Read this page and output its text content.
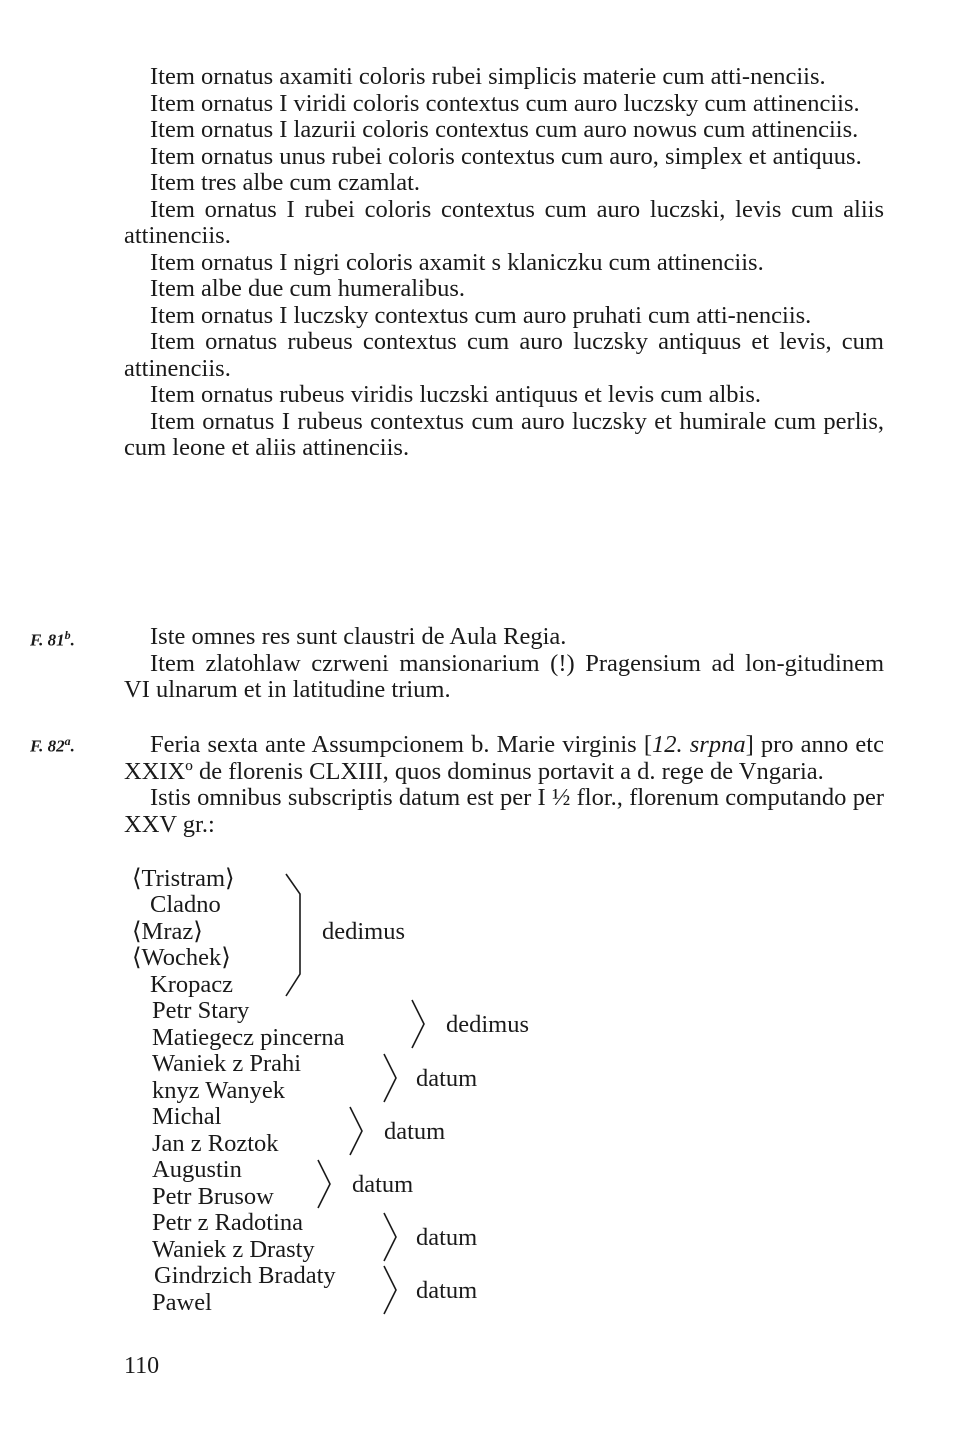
Item ornatus axamiti coloris rubei simplicis materie cum atti-nenciis.

Item ornatus I viridi coloris contextus cum auro luczsky cum attinenciis.

Item ornatus I lazurii coloris contextus cum auro nowus cum attinenciis.

Item ornatus unus rubei coloris contextus cum auro, simplex et antiquus.

Item tres albe cum czamlat.

Item ornatus I rubei coloris contextus cum auro luczski, levis cum aliis attinenciis.

Item ornatus I nigri coloris axamit s klaniczku cum attinenciis.

Item albe due cum humeralibus.

Item ornatus I luczsky contextus cum auro pruhati cum atti-nenciis.

Item ornatus rubeus contextus cum auro luczsky antiquus et levis, cum attinenciis.

Item ornatus rubeus viridis luczski antiquus et levis cum albis.

Item ornatus I rubeus contextus cum auro luczsky et humirale cum perlis, cum leone et aliis attinenciis.

F. 81$^b$.	Iste omnes res sunt claustri de Aula Regia.

Item zlatohlaw czrweni mansionarium (!) Pragensium ad lon-gitudinem VI ulnarum et in latitudine trium.

F. 82$^a$.	Feria sexta ante Assumpcionem b. Marie virginis [12. srpna] pro anno etc XXIXº de florenis CLXIII, quos dominus portavit a d. rege de Vngaria.

Istis omnibus subscriptis datum est per I ½ flor., florenum computando per XXV gr.:

⟨Tristram⟩
Cladno
⟨Mraz⟩
⟨Wochek⟩
Kropacz
Petr Stary
Matiegecz pincerna
Waniek z Prahi
knyz Wanyek
Michal
Jan z Roztok
Augustin
Petr Brusow
Petr z Radotina
Waniek z Drasty
Gindrzich Bradaty
Pawel
dedimus
dedimus
datum
datum
datum
datum
datum
110
